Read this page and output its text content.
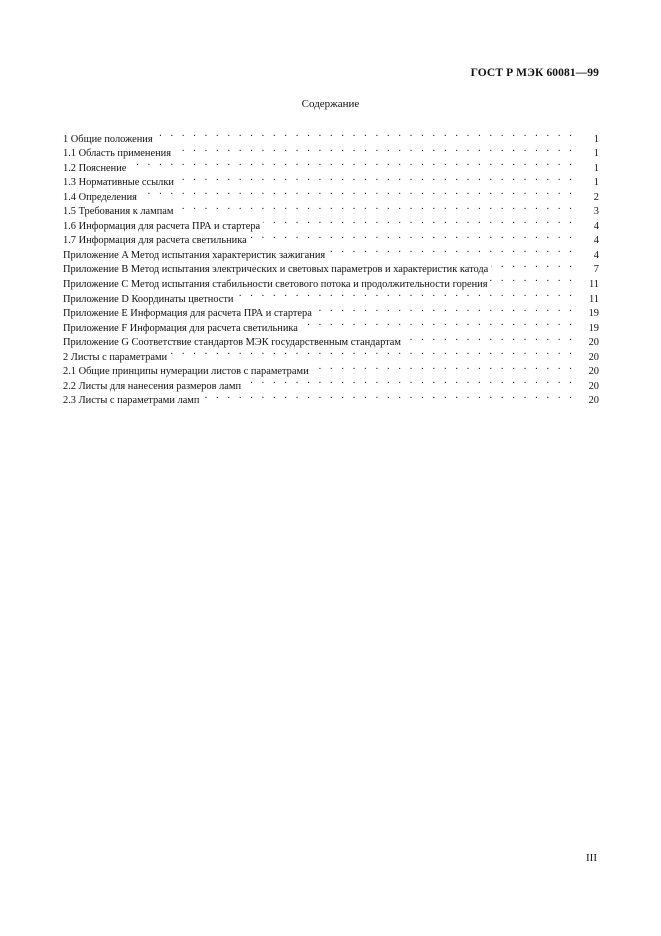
ГОСТ Р МЭК 60081—99
Содержание
1 Общие положения . . .	1
1.1 Область применения . . .	1
1.2 Пояснение . . .	1
1.3 Нормативные ссылки . . .	1
1.4 Определения . . .	2
1.5 Требования к лампам . . .	3
1.6 Информация для расчета ПРА и стартера . . .	4
1.7 Информация для расчета светильника . . .	4
Приложение A Метод испытания характеристик зажигания . . .	4
Приложение B Метод испытания электрических и световых параметров и характеристик катода . . .	7
Приложение C Метод испытания стабильности светового потока и продолжительности горения . . .	11
Приложение D Координаты цветности . . .	11
Приложение E Информация для расчета ПРА и стартера . . .	19
Приложение F Информация для расчета светильника . . .	19
Приложение G Соответствие стандартов МЭК государственным стандартам . . .	20
2 Листы с параметрами . . .	20
2.1 Общие принципы нумерации листов с параметрами . . .	20
2.2 Листы для нанесения размеров ламп . . .	20
2.3 Листы с параметрами ламп . . .	20
III
